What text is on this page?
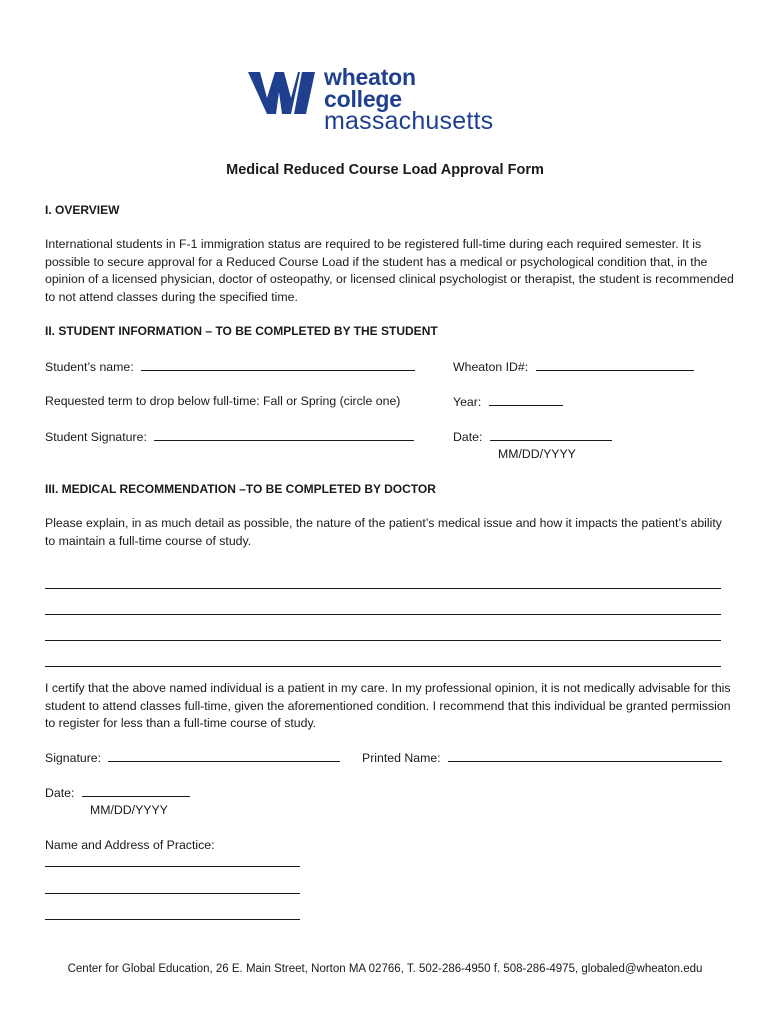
wheaton
college
massachusetts
Medical Reduced Course Load Approval Form
I. OVERVIEW
International students in F-1 immigration status are required to be registered full-time during each required semester. It is possible to secure approval for a Reduced Course Load if the student has a medical or psychological condition that, in the opinion of a licensed physician, doctor of osteopathy, or licensed clinical psychologist or therapist, the student is recommended to not attend classes during the specified time.
II. STUDENT INFORMATION – TO BE COMPLETED BY THE STUDENT
Student’s name:	Wheaton ID#:
Requested term to drop below full-time: Fall or Spring (circle one)	Year:
Student Signature:	Date:
MM/DD/YYYY
III. MEDICAL RECOMMENDATION –TO BE COMPLETED BY DOCTOR
Please explain, in as much detail as possible, the nature of the patient’s medical issue and how it impacts the patient’s ability to maintain a full-time course of study.
I certify that the above named individual is a patient in my care. In my professional opinion, it is not medically advisable for this student to attend classes full-time, given the aforementioned condition. I recommend that this individual be granted permission to register for less than a full-time course of study.
Signature:	Printed Name:
Date:
MM/DD/YYYY
Name and Address of Practice:
Center for Global Education, 26 E. Main Street, Norton MA 02766, T. 502-286-4950 f. 508-286-4975, globaled@wheaton.edu
